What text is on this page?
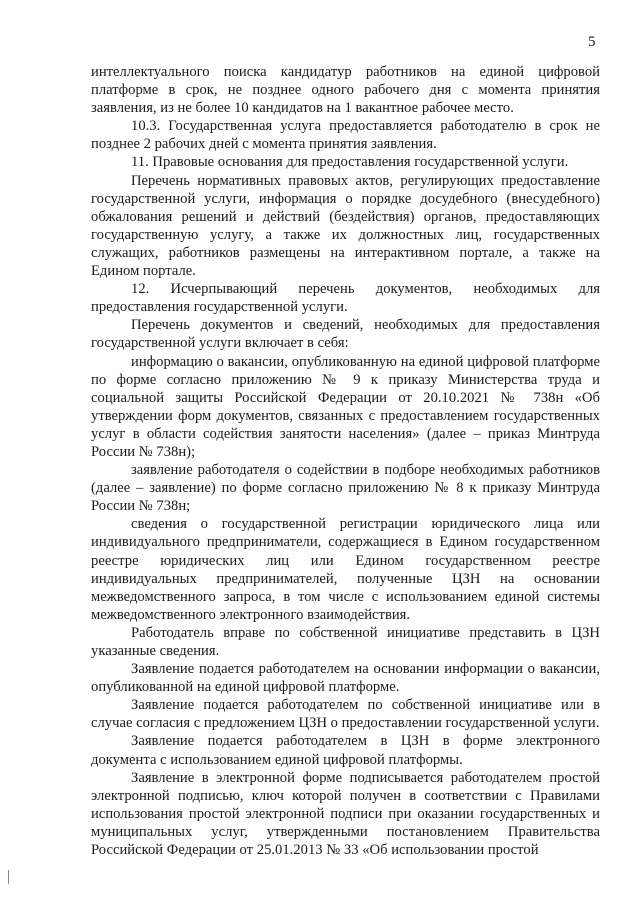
5

интеллектуального поиска кандидатур работников на единой цифровой платформе в срок, не позднее одного рабочего дня с момента принятия заявления, из не более 10 кандидатов на 1 вакантное рабочее место.

10.3. Государственная услуга предоставляется работодателю в срок не позднее 2 рабочих дней с момента принятия заявления.

11. Правовые основания для предоставления государственной услуги.

Перечень нормативных правовых актов, регулирующих предоставление государственной услуги, информация о порядке досудебного (внесудебного) обжалования решений и действий (бездействия) органов, предоставляющих государственную услугу, а также их должностных лиц, государственных служащих, работников размещены на интерактивном портале, а также на Едином портале.

12. Исчерпывающий перечень документов, необходимых для предоставления государственной услуги.

Перечень документов и сведений, необходимых для предоставления государственной услуги включает в себя:

информацию о вакансии, опубликованную на единой цифровой платформе по форме согласно приложению № 9 к приказу Министерства труда и социальной защиты Российской Федерации от 20.10.2021 № 738н «Об утверждении форм документов, связанных с предоставлением государственных услуг в области содействия занятости населения» (далее – приказ Минтруда России № 738н);

заявление работодателя о содействии в подборе необходимых работников (далее – заявление) по форме согласно приложению № 8 к приказу Минтруда России № 738н;

сведения о государственной регистрации юридического лица или индивидуального предприниматели, содержащиеся в Едином государственном реестре юридических лиц или Едином государственном реестре индивидуальных предпринимателей, полученные ЦЗН на основании межведомственного запроса, в том числе с использованием единой системы межведомственного электронного взаимодействия.

Работодатель вправе по собственной инициативе представить в ЦЗН указанные сведения.

Заявление подается работодателем на основании информации о вакансии, опубликованной на единой цифровой платформе.

Заявление подается работодателем по собственной инициативе или в случае согласия с предложением ЦЗН о предоставлении государственной услуги.

Заявление подается работодателем в ЦЗН в форме электронного документа с использованием единой цифровой платформы.

Заявление в электронной форме подписывается работодателем простой электронной подписью, ключ которой получен в соответствии с Правилами использования простой электронной подписи при оказании государственных и муниципальных услуг, утвержденными постановлением Правительства Российской Федерации от 25.01.2013 № 33 «Об использовании простой
